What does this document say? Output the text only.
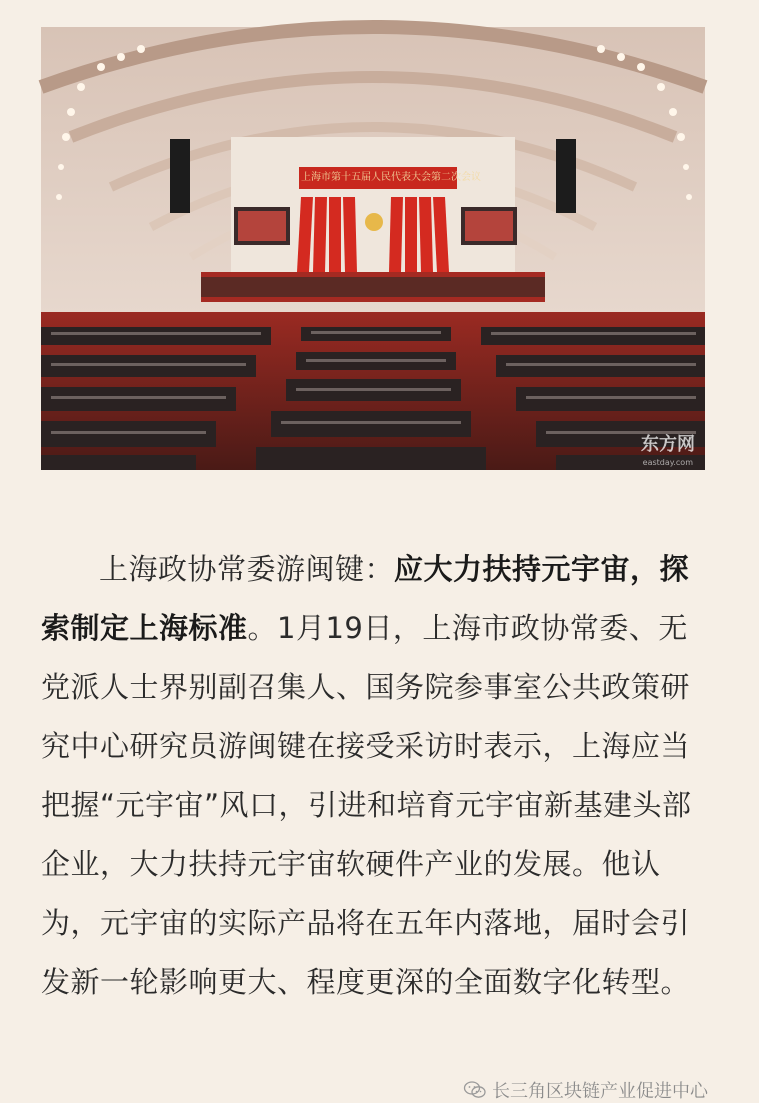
上海市第十五届人民代表大会第二次会议
东方网
eastday.com

上海政协常委游闽键：应大力扶持元宇宙，探索制定上海标准。1月19日，上海市政协常委、无党派人士界别副召集人、国务院参事室公共政策研究中心研究员游闽键在接受采访时表示，上海应当把握“元宇宙”风口，引进和培育元宇宙新基建头部企业，大力扶持元宇宙软硬件产业的发展。他认为，元宇宙的实际产品将在五年内落地，届时会引发新一轮影响更大、程度更深的全面数字化转型。

长三角区块链产业促进中心
